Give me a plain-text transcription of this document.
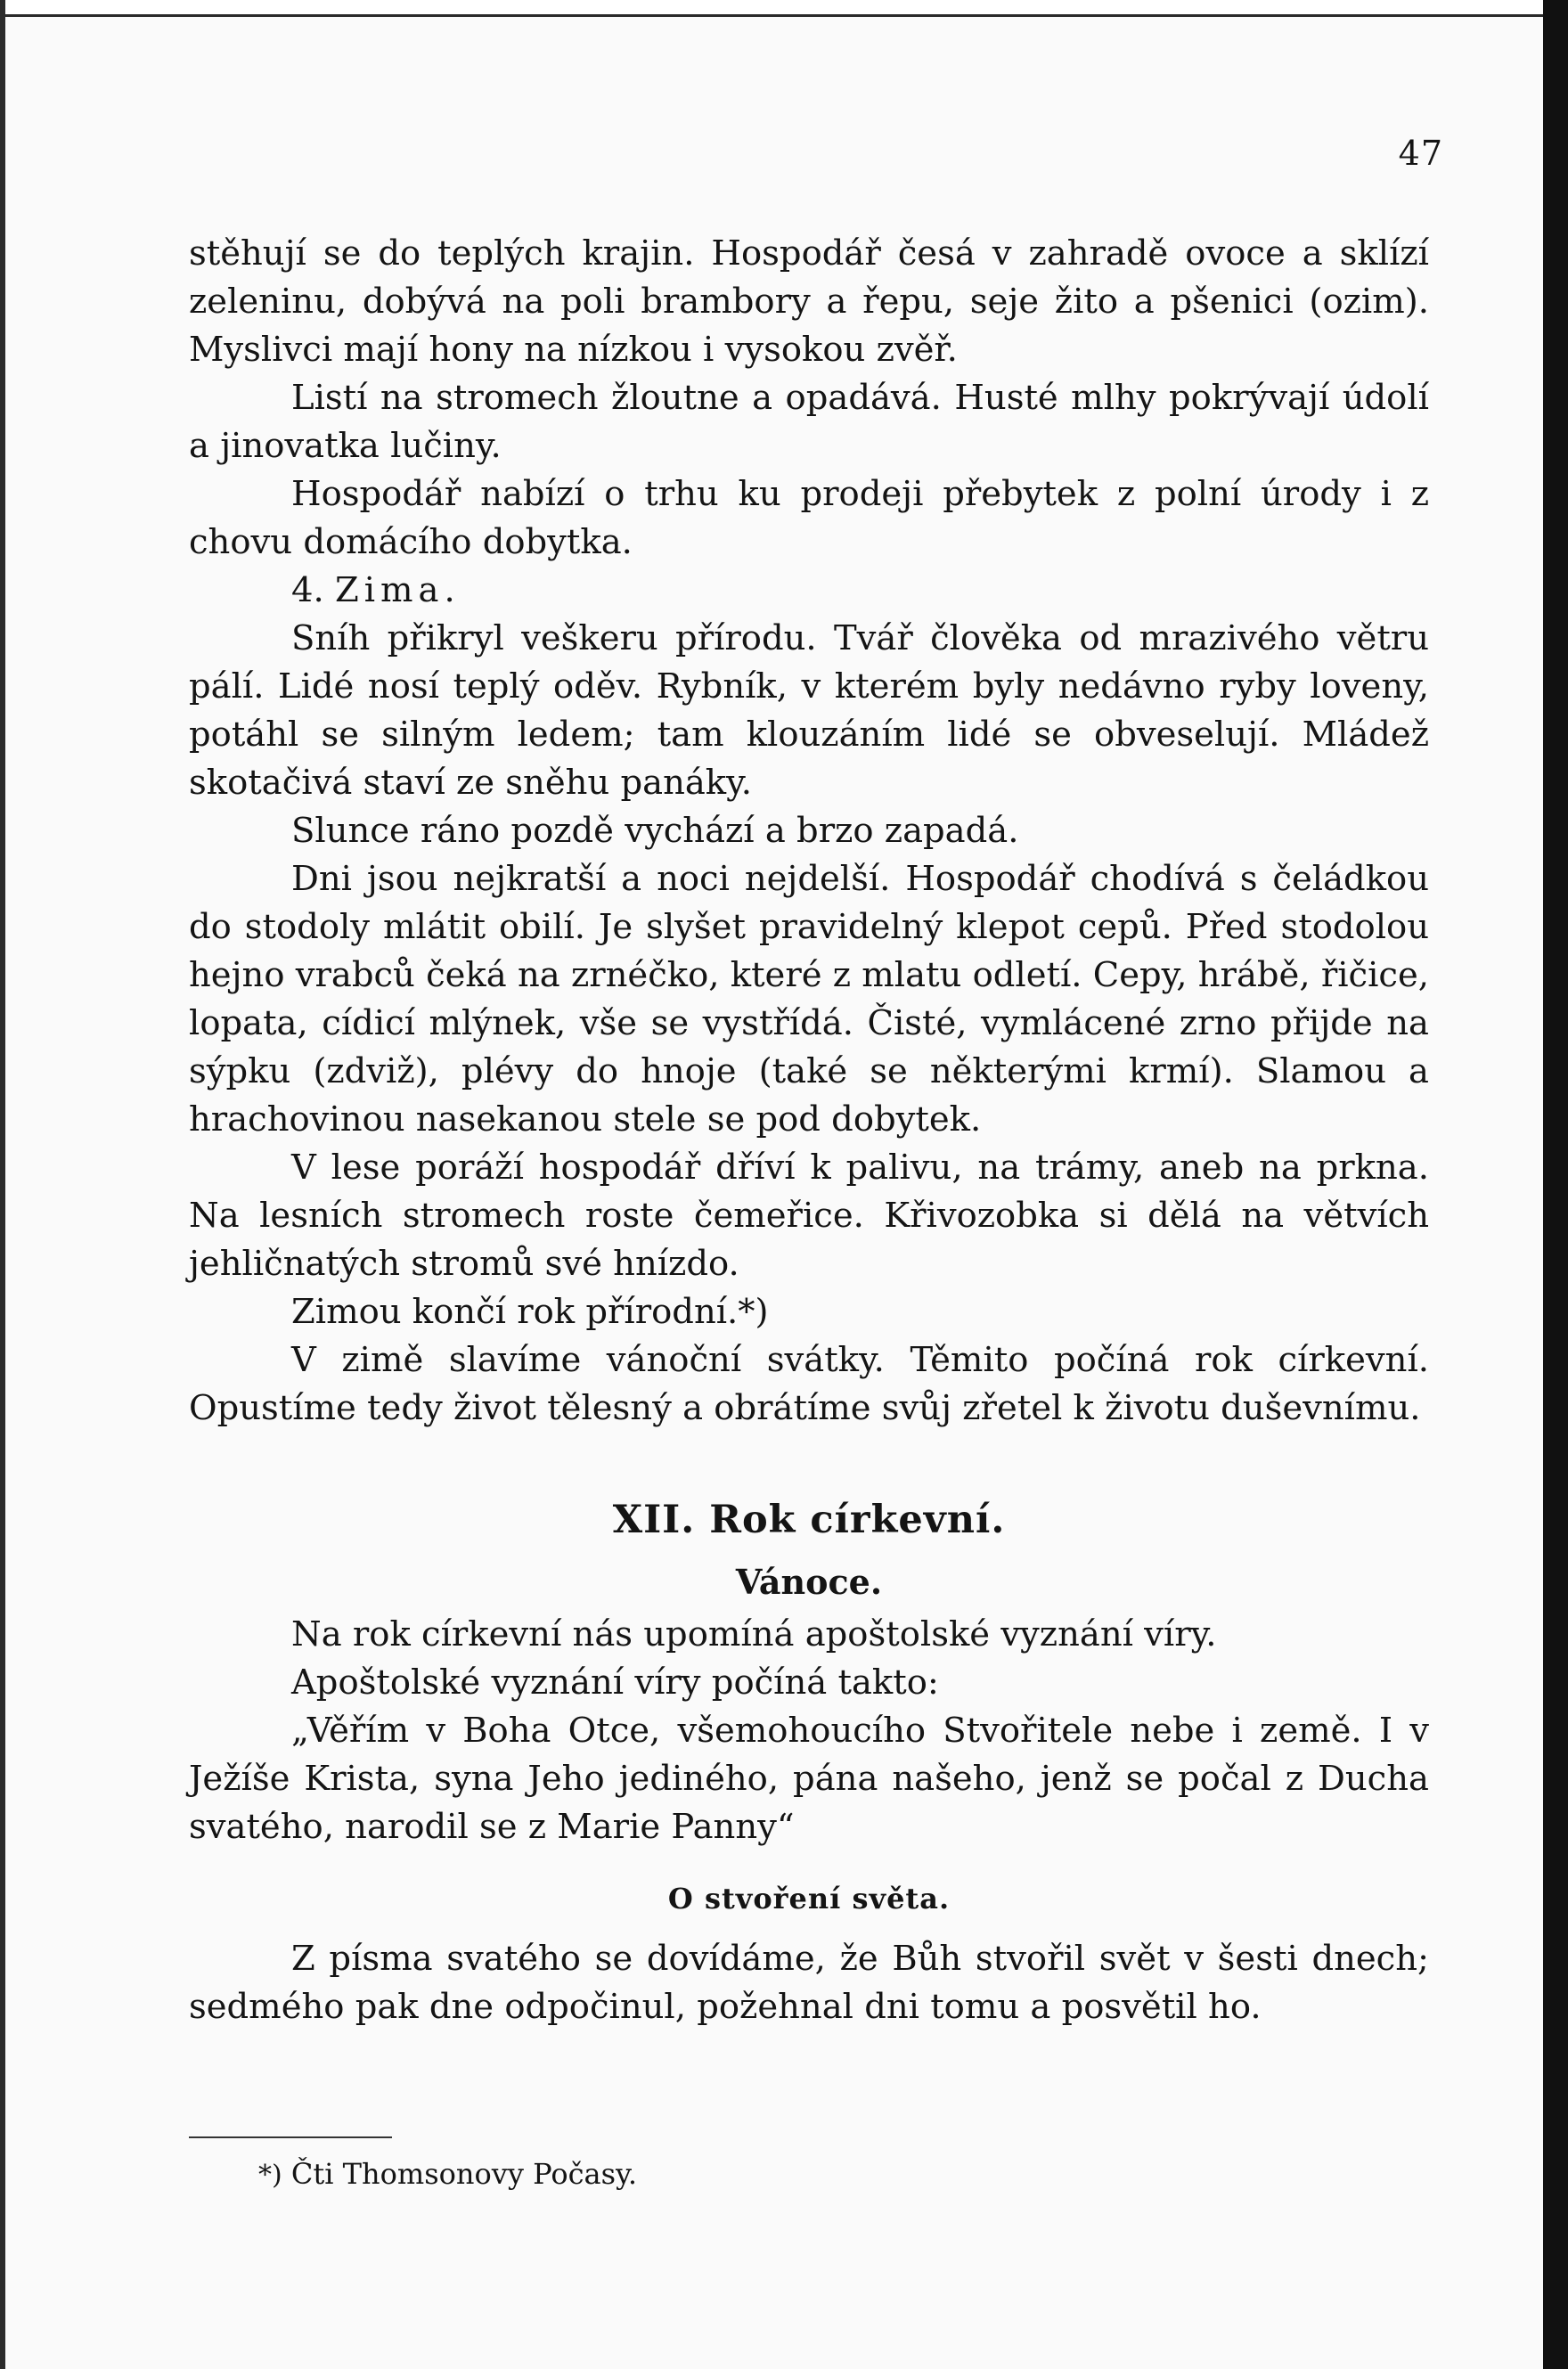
47

stěhují se do teplých krajin. Hospodář česá v zahradě ovoce a sklízí zeleninu, dobývá na poli brambory a řepu, seje žito a pšenici (ozim). Myslivci mají hony na nízkou i vysokou zvěř.

Listí na stromech žloutne a opadává. Husté mlhy pokrývají údolí a jinovatka lučiny.

Hospodář nabízí o trhu ku prodeji přebytek z polní úrody i z chovu domácího dobytka.

4. Zima.

Sníh přikryl veškeru přírodu. Tvář člověka od mrazivého větru pálí. Lidé nosí teplý oděv. Rybník, v kterém byly nedávno ryby loveny, potáhl se silným ledem; tam klouzáním lidé se obveselují. Mládež skotačivá staví ze sněhu panáky.

Slunce ráno pozdě vychází a brzo zapadá.

Dni jsou nejkratší a noci nejdelší. Hospodář chodívá s čeládkou do stodoly mlátit obilí. Je slyšet pravidelný klepot cepů. Před stodolou hejno vrabců čeká na zrnéčko, které z mlatu odletí. Cepy, hrábě, řičice, lopata, cídicí mlýnek, vše se vystřídá. Čisté, vymlácené zrno přijde na sýpku (zdviž), plévy do hnoje (také se některými krmí). Slamou a hrachovinou nasekanou stele se pod dobytek.

V lese poráží hospodář dříví k palivu, na trámy, aneb na prkna. Na lesních stromech roste čemeřice. Křivozobka si dělá na větvích jehličnatých stromů své hnízdo.

Zimou končí rok přírodní.*)

V zimě slavíme vánoční svátky. Těmito počíná rok církevní. Opustíme tedy život tělesný a obrátíme svůj zřetel k životu duševnímu.

XII. Rok církevní.
Vánoce.

Na rok církevní nás upomíná apoštolské vyznání víry.

Apoštolské vyznání víry počíná takto:

„Věřím v Boha Otce, všemohoucího Stvořitele nebe i země. I v Ježíše Krista, syna Jeho jediného, pána našeho, jenž se počal z Ducha svatého, narodil se z Marie Panny“

O stvoření světa.

Z písma svatého se dovídáme, že Bůh stvořil svět v šesti dnech; sedmého pak dne odpočinul, požehnal dni tomu a posvětil ho.

*) Čti Thomsonovy Počasy.
